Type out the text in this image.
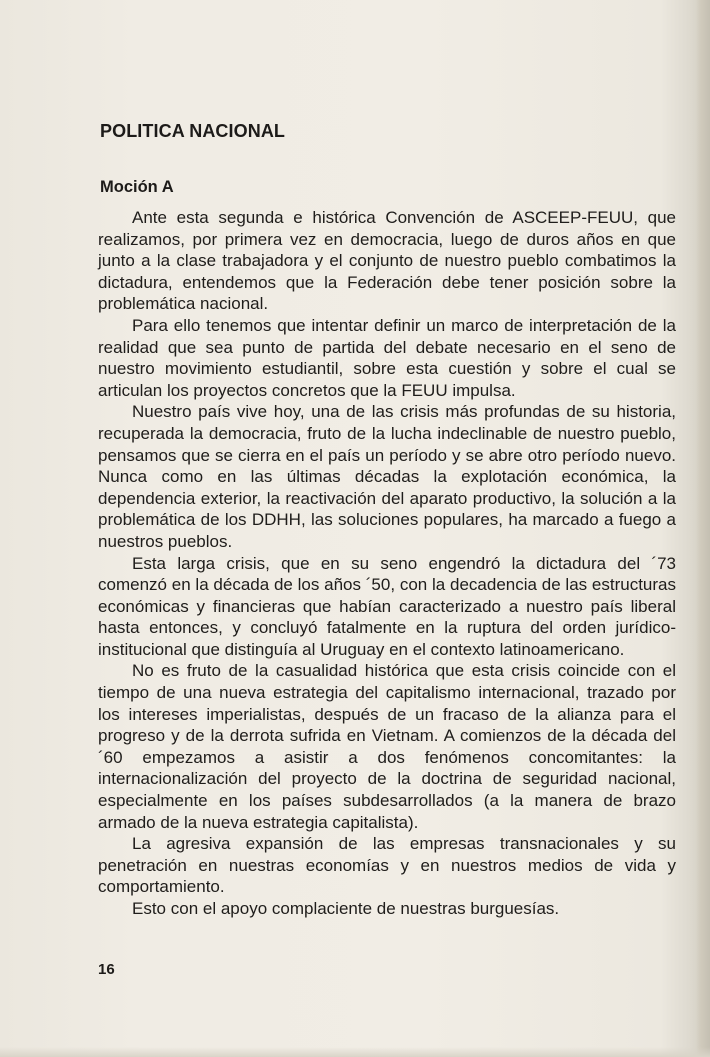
POLITICA NACIONAL
Moción A

Ante esta segunda e histórica Convención de ASCEEP-FEUU, que realizamos, por primera vez en democracia, luego de duros años en que junto a la clase trabajadora y el conjunto de nuestro pueblo combatimos la dictadura, entendemos que la Federación debe tener posición sobre la problemática nacional.

Para ello tenemos que intentar definir un marco de interpretación de la realidad que sea punto de partida del debate necesario en el seno de nuestro movimiento estudiantil, sobre esta cuestión y sobre el cual se articulan los proyectos concretos que la FEUU impulsa.

Nuestro país vive hoy, una de las crisis más profundas de su historia, recuperada la democracia, fruto de la lucha indeclinable de nuestro pueblo, pensamos que se cierra en el país un período y se abre otro período nuevo. Nunca como en las últimas décadas la explotación económica, la dependencia exterior, la reactivación del aparato productivo, la solución a la problemática de los DDHH, las soluciones populares, ha marcado a fuego a nuestros pueblos.

Esta larga crisis, que en su seno engendró la dictadura del ´73 comenzó en la década de los años ´50, con la decadencia de las estructuras económicas y financieras que habían caracterizado a nuestro país liberal hasta entonces, y concluyó fatalmente en la ruptura del orden jurídico-institucional que distinguía al Uruguay en el contexto latinoamericano.

No es fruto de la casualidad histórica que esta crisis coincide con el tiempo de una nueva estrategia del capitalismo internacional, trazado por los intereses imperialistas, después de un fracaso de la alianza para el progreso y de la derrota sufrida en Vietnam. A comienzos de la década del ´60 empezamos a asistir a dos fenómenos concomitantes: la internacionalización del proyecto de la doctrina de seguridad nacional, especialmente en los países subdesarrollados (a la manera de brazo armado de la nueva estrategia capitalista).

La agresiva expansión de las empresas transnacionales y su penetración en nuestras economías y en nuestros medios de vida y comportamiento.

Esto con el apoyo complaciente de nuestras burguesías.

16
